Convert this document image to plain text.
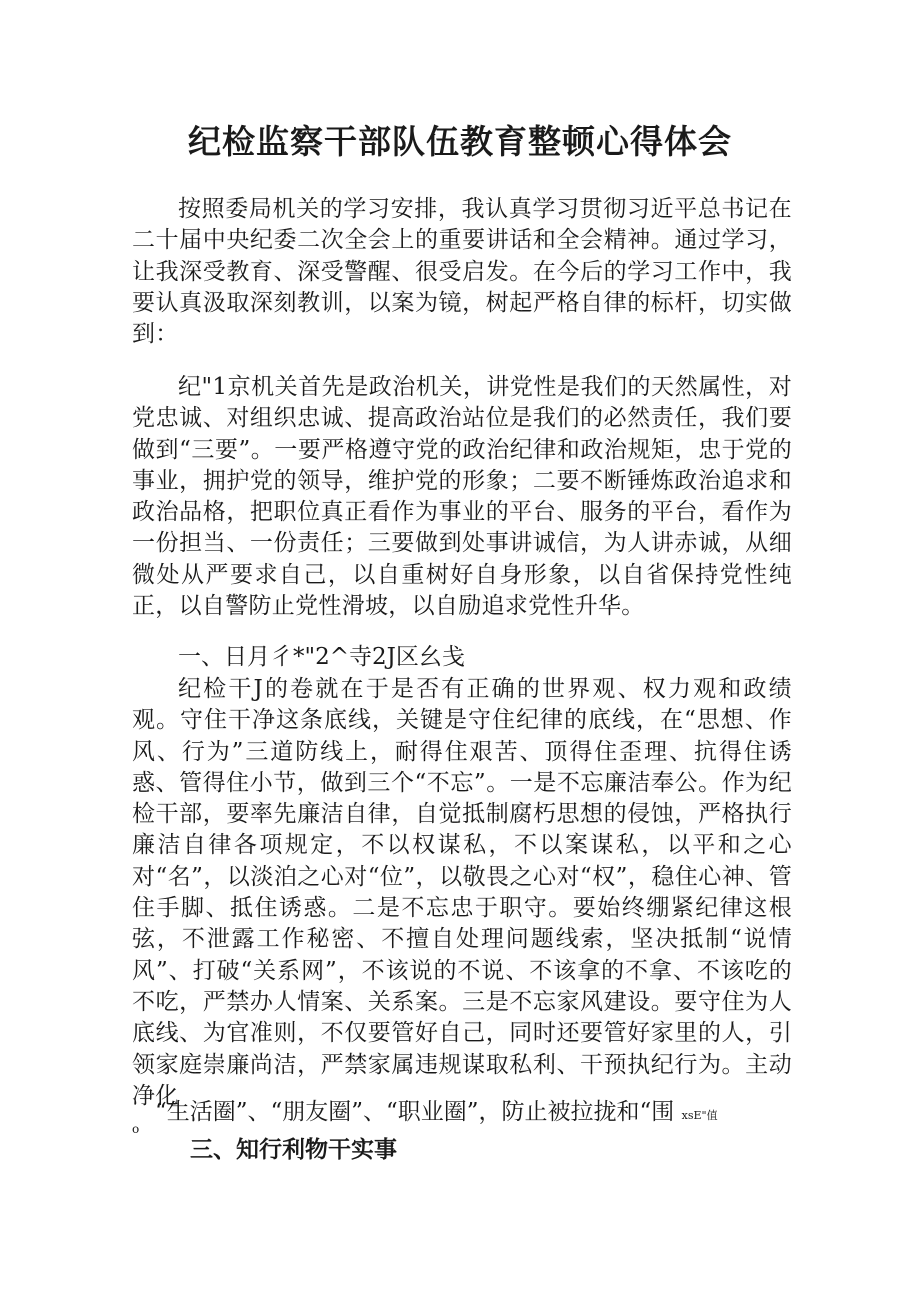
纪检监察干部队伍教育整顿心得体会

按照委局机关的学习安排，我认真学习贯彻习近平总书记在二十届中央纪委二次全会上的重要讲话和全会精神。通过学习，让我深受教育、深受警醒、很受启发。在今后的学习工作中，我要认真汲取深刻教训，以案为镜，树起严格自律的标杆，切实做到：

纪"1京机关首先是政治机关，讲党性是我们的天然属性，对党忠诚、对组织忠诚、提高政治站位是我们的必然责任，我们要做到“三要”。一要严格遵守党的政治纪律和政治规矩，忠于党的事业，拥护党的领导，维护党的形象；二要不断锤炼政治追求和政治品格，把职位真正看作为事业的平台、服务的平台，看作为一份担当、一份责任；三要做到处事讲诚信，为人讲赤诚，从细微处从严要求自己，以自重树好自身形象，以自省保持党性纯正，以自警防止党性滑坡，以自励追求党性升华。

一、日月彳*"2^寺2J区幺戋

纪检干J的卷就在于是否有正确的世界观、权力观和政绩观。守住干净这条底线，关键是守住纪律的底线，在“思想、作风、行为”三道防线上，耐得住艰苦、顶得住歪理、抗得住诱惑、管得住小节，做到三个“不忘”。一是不忘廉洁奉公。作为纪检干部，要率先廉洁自律，自觉抵制腐朽思想的侵蚀，严格执行廉洁自律各项规定，不以权谋私，不以案谋私，以平和之心对“名”，以淡泊之心对“位”，以敬畏之心对“权”，稳住心神、管住手脚、抵住诱惑。二是不忘忠于职守。要始终绷紧纪律这根弦，不泄露工作秘密、不擅自处理问题线索，坚决抵制“说情风”、打破“关系网”，不该说的不说、不该拿的不拿、不该吃的不吃，严禁办人情案、关系案。三是不忘家风建设。要守住为人底线、为官准则，不仅要管好自己，同时还要管好家里的人，引领家庭崇廉尚洁，严禁家属违规谋取私利、干预执纪行为。主动净化

 “生活圈”、“朋友圈”、“职业圈”，防止被拉拢和“围 xsE"值

o

三、知行利物干实事
